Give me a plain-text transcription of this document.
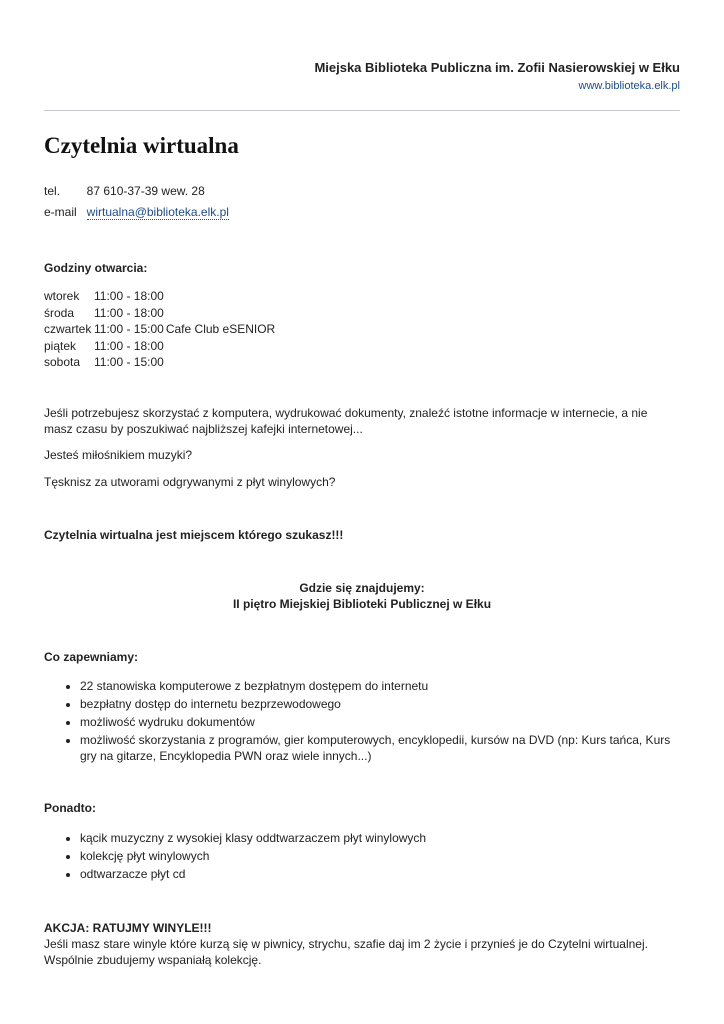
Miejska Biblioteka Publiczna im. Zofii Nasierowskiej w Ełku
www.biblioteka.elk.pl
Czytelnia wirtualna
tel.	87 610-37-39 wew. 28
e-mail	wirtualna@biblioteka.elk.pl
Godziny otwarcia:
wtorek	11:00 - 18:00	
środa	11:00 - 18:00	
czwartek	11:00 - 15:00	Cafe Club eSENIOR
piątek	11:00 - 18:00	
sobota	11:00 - 15:00	

Jeśli potrzebujesz skorzystać z komputera, wydrukować dokumenty, znaleźć istotne informacje w internecie, a nie masz czasu by poszukiwać najbliższej kafejki internetowej...

Jesteś miłośnikiem muzyki?

Tęsknisz za utworami odgrywanymi z płyt winylowych?

Czytelnia wirtualna jest miejscem którego szukasz!!!

Gdzie się znajdujemy:
II piętro Miejskiej Biblioteki Publicznej w Ełku
Co zapewniamy:
• 22 stanowiska komputerowe z bezpłatnym dostępem do internetu
• bezpłatny dostęp do internetu bezprzewodowego
• możliwość wydruku dokumentów
• możliwość skorzystania z programów, gier komputerowych, encyklopedii, kursów na DVD (np: Kurs tańca, Kurs gry na gitarze, Encyklopedia PWN oraz wiele innych...)
Ponadto:
• kącik muzyczny z wysokiej klasy oddtwarzaczem płyt winylowych
• kolekcję płyt winylowych
• odtwarzacze płyt cd
AKCJA: RATUJMY WINYLE!!!

Jeśli masz stare winyle które kurzą się w piwnicy, strychu, szafie daj im 2 życie i przynieś je do Czytelni wirtualnej. Wspólnie zbudujemy wspaniałą kolekcję.
